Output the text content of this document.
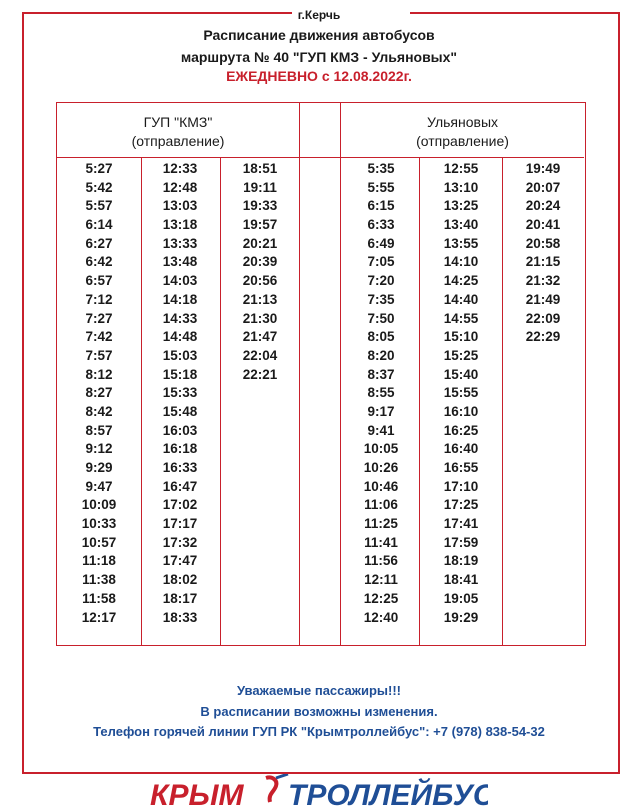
г.Керчь
Расписание движения автобусов
маршрута № 40 "ГУП КМЗ - Ульяновых"
ЕЖЕДНЕВНО с 12.08.2022г.
ГУП "КМЗ"
(отправление)
Ульяновых
(отправление)
5:27
5:42
5:57
6:14
6:27
6:42
6:57
7:12
7:27
7:42
7:57
8:12
8:27
8:42
8:57
9:12
9:29
9:47
10:09
10:33
10:57
11:18
11:38
11:58
12:17
12:33
12:48
13:03
13:18
13:33
13:48
14:03
14:18
14:33
14:48
15:03
15:18
15:33
15:48
16:03
16:18
16:33
16:47
17:02
17:17
17:32
17:47
18:02
18:17
18:33
18:51
19:11
19:33
19:57
20:21
20:39
20:56
21:13
21:30
21:47
22:04
22:21
5:35
5:55
6:15
6:33
6:49
7:05
7:20
7:35
7:50
8:05
8:20
8:37
8:55
9:17
9:41
10:05
10:26
10:46
11:06
11:25
11:41
11:56
12:11
12:25
12:40
12:55
13:10
13:25
13:40
13:55
14:10
14:25
14:40
14:55
15:10
15:25
15:40
15:55
16:10
16:25
16:40
16:55
17:10
17:25
17:41
17:59
18:19
18:41
19:05
19:29
19:49
20:07
20:24
20:41
20:58
21:15
21:32
21:49
22:09
22:29
Уважаемые пассажиры!!!
В расписании возможны изменения.
Телефон горячей линии ГУП РК "Крымтроллейбус": +7 (978) 838-54-32
КРЫМ ТРОЛЛЕЙБУС
